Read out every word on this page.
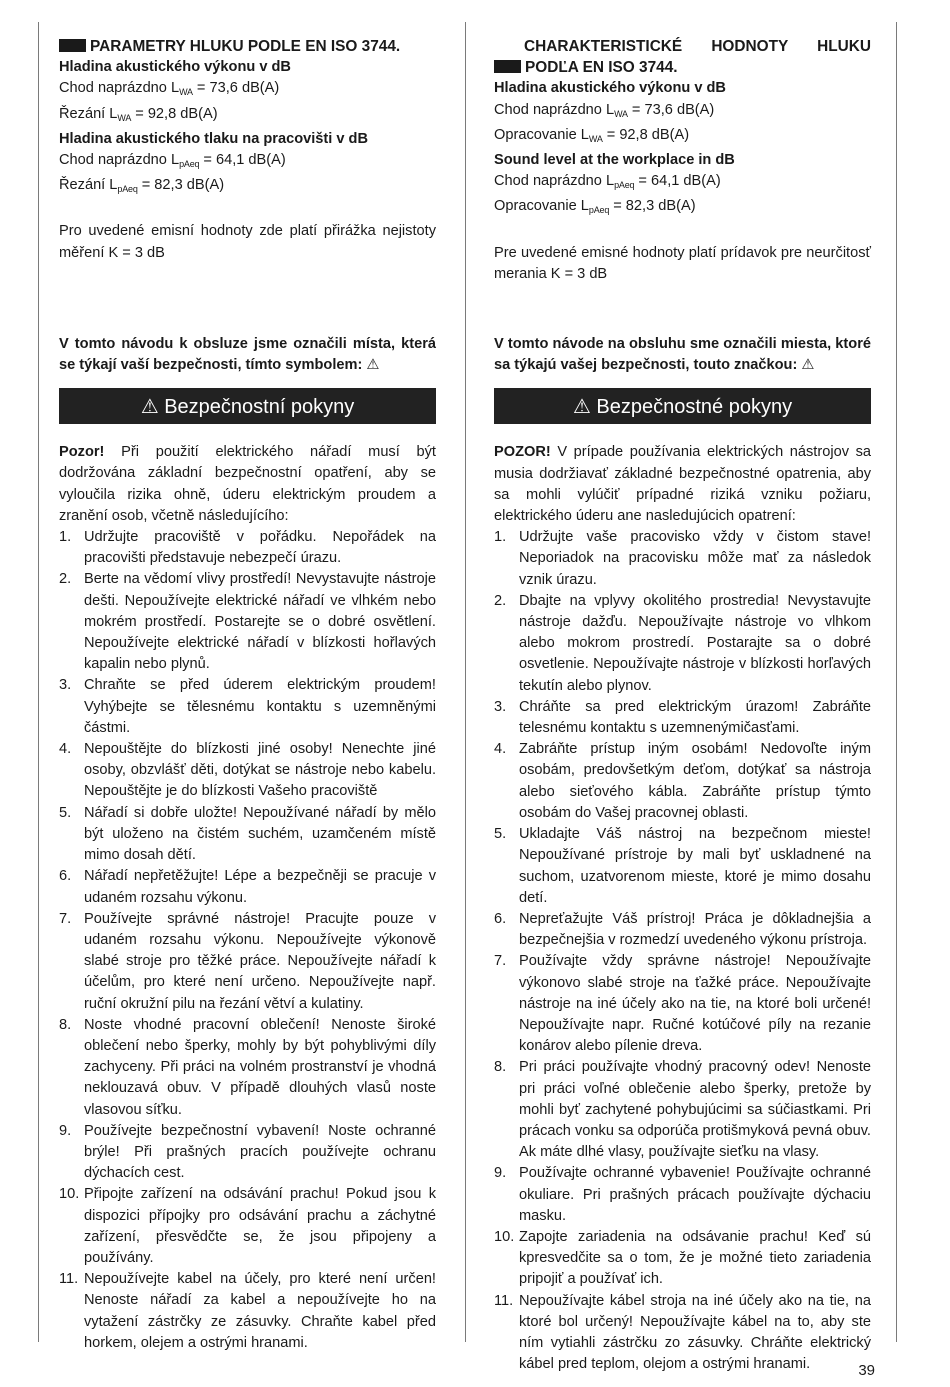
PARAMETRY HLUKU PODLE EN ISO 3744.

Hladina akustického výkonu v dB

Chod naprázdno $L_{WA} = 73,6$ dB(A)

Řezání $L_{WA} = 92,8$ dB(A)

Hladina akustického tlaku na pracovišti v dB

Chod naprázdno $L_{pAeq} = 64,1$ dB(A)

Řezání $L_{pAeq} = 82,3$ dB(A)

Pro uvedené emisní hodnoty zde platí přirážka nejistoty měření K = 3 dB

V tomto návodu k obsluze jsme označili místa, která se týkají vaší bezpečnosti, tímto symbolem: ⚠

⚠ Bezpečnostní pokyny

Pozor! Při použití elektrického nářadí musí být dodržována základní bezpečnostní opatření, aby se vyloučila rizika ohně, úderu elektrickým proudem a zranění osob, včetně následujícího:

1. Udržujte pracoviště v pořádku. Nepořádek na pracovišti představuje nebezpečí úrazu.
2. Berte na vědomí vlivy prostředí! Nevystavujte nástroje dešti. Nepoužívejte elektrické nářadí ve vlhkém nebo mokrém prostředí. Postarejte se o dobré osvětlení. Nepoužívejte elektrické nářadí v blízkosti hořlavých kapalin nebo plynů.
3. Chraňte se před úderem elektrickým proudem! Vyhýbejte se tělesnému kontaktu s uzemněnými částmi.
4. Nepouštějte do blízkosti jiné osoby! Nenechte jiné osoby, obzvlášť děti, dotýkat se nástroje nebo kabelu. Nepouštějte je do blízkosti Vašeho pracoviště
5. Nářadí si dobře uložte! Nepoužívané nářadí by mělo být uloženo na čistém suchém, uzamčeném místě mimo dosah dětí.
6. Nářadí nepřetěžujte! Lépe a bezpečněji se pracuje v udaném rozsahu výkonu.
7. Používejte správné nástroje! Pracujte pouze v udaném rozsahu výkonu. Nepoužívejte výkonově slabé stroje pro těžké práce. Nepoužívejte nářadí k účelům, pro které není určeno. Nepoužívejte např. ruční okružní pilu na řezání větví a kulatiny.
8. Noste vhodné pracovní oblečení! Nenoste široké oblečení nebo šperky, mohly by být pohyblivými díly zachyceny. Při práci na volném prostranství je vhodná neklouzavá obuv. V případě dlouhých vlasů noste vlasovou síťku.
9. Používejte bezpečnostní vybavení! Noste ochranné brýle! Při prašných pracích používejte ochranu dýchacích cest.
10. Připojte zařízení na odsávání prachu! Pokud jsou k dispozici přípojky pro odsávání prachu a záchytné zařízení, přesvědčte se, že jsou připojeny a používány.
11. Nepoužívejte kabel na účely, pro které není určen! Nenoste nářadí za kabel a nepoužívejte ho na vytažení zástrčky ze zásuvky. Chraňte kabel před horkem, olejem a ostrými hranami.

CHARAKTERISTICKÉ HODNOTY HLUKU

PODĽA EN ISO 3744.

Hladina akustického výkonu v dB

Chod naprázdno $L_{WA} = 73,6$ dB(A)

Opracovanie $L_{WA} = 92,8$ dB(A)

Sound level at the workplace in dB

Chod naprázdno $L_{pAeq} = 64,1$ dB(A)

Opracovanie $L_{pAeq} = 82,3$ dB(A)

Pre uvedené emisné hodnoty platí prídavok pre neurčitosť merania K = 3 dB

V tomto návode na obsluhu sme označili miesta, ktoré sa týkajú vašej bezpečnosti, touto značkou: ⚠

⚠ Bezpečnostné pokyny

POZOR! V prípade používania elektrických nástrojov sa musia dodržiavať základné bezpečnostné opatrenia, aby sa mohli vylúčiť prípadné riziká vzniku požiaru, elektrického úderu ane nasledujúcich opatrení:

1. Udržujte vaše pracovisko vždy v čistom stave! Neporiadok na pracovisku môže mať za následok vznik úrazu.
2. Dbajte na vplyvy okolitého prostredia! Nevystavujte nástroje dažďu. Nepoužívajte nástroje vo vlhkom alebo mokrom prostredí. Postarajte sa o dobré osvetlenie. Nepoužívajte nástroje v blízkosti horľavých tekutín alebo plynov.
3. Chráňte sa pred elektrickým úrazom! Zabráňte telesnému kontaktu s uzemnenýmičasťami.
4. Zabráňte prístup iným osobám! Nedovoľte iným osobám, predovšetkým deťom, dotýkať sa nástroja alebo sieťového kábla. Zabráňte prístup týmto osobám do Vašej pracovnej oblasti.
5. Ukladajte Váš nástroj na bezpečnom mieste! Nepoužívané prístroje by mali byť uskladnené na suchom, uzatvorenom mieste, ktoré je mimo dosahu detí.
6. Nepreťažujte Váš prístroj! Práca je dôkladnejšia a bezpečnejšia v rozmedzí uvedeného výkonu prístroja.
7. Používajte vždy správne nástroje! Nepoužívajte výkonovo slabé stroje na ťažké práce. Nepoužívajte nástroje na iné účely ako na tie, na ktoré boli určené! Nepoužívajte napr. Ručné kotúčové píly na rezanie konárov alebo pílenie dreva.
8. Pri práci používajte vhodný pracovný odev! Nenoste pri práci voľné oblečenie alebo šperky, pretože by mohli byť zachytené pohybujúcimi sa súčiastkami. Pri prácach vonku sa odporúča protišmyková pevná obuv. Ak máte dlhé vlasy, používajte sieťku na vlasy.
9. Používajte ochranné vybavenie! Používajte ochranné okuliare. Pri prašných prácach používajte dýchaciu masku.
10. Zapojte zariadenia na odsávanie prachu! Keď sú kpresvedčite sa o tom, že je možné tieto zariadenia pripojiť a používať ich.
11. Nepoužívajte kábel stroja na iné účely ako na tie, na ktoré bol určený! Nepoužívajte kábel na to, aby ste ním vytiahli zástrčku zo zásuvky. Chráňte elektrický kábel pred teplom, olejom a ostrými hranami.	39
